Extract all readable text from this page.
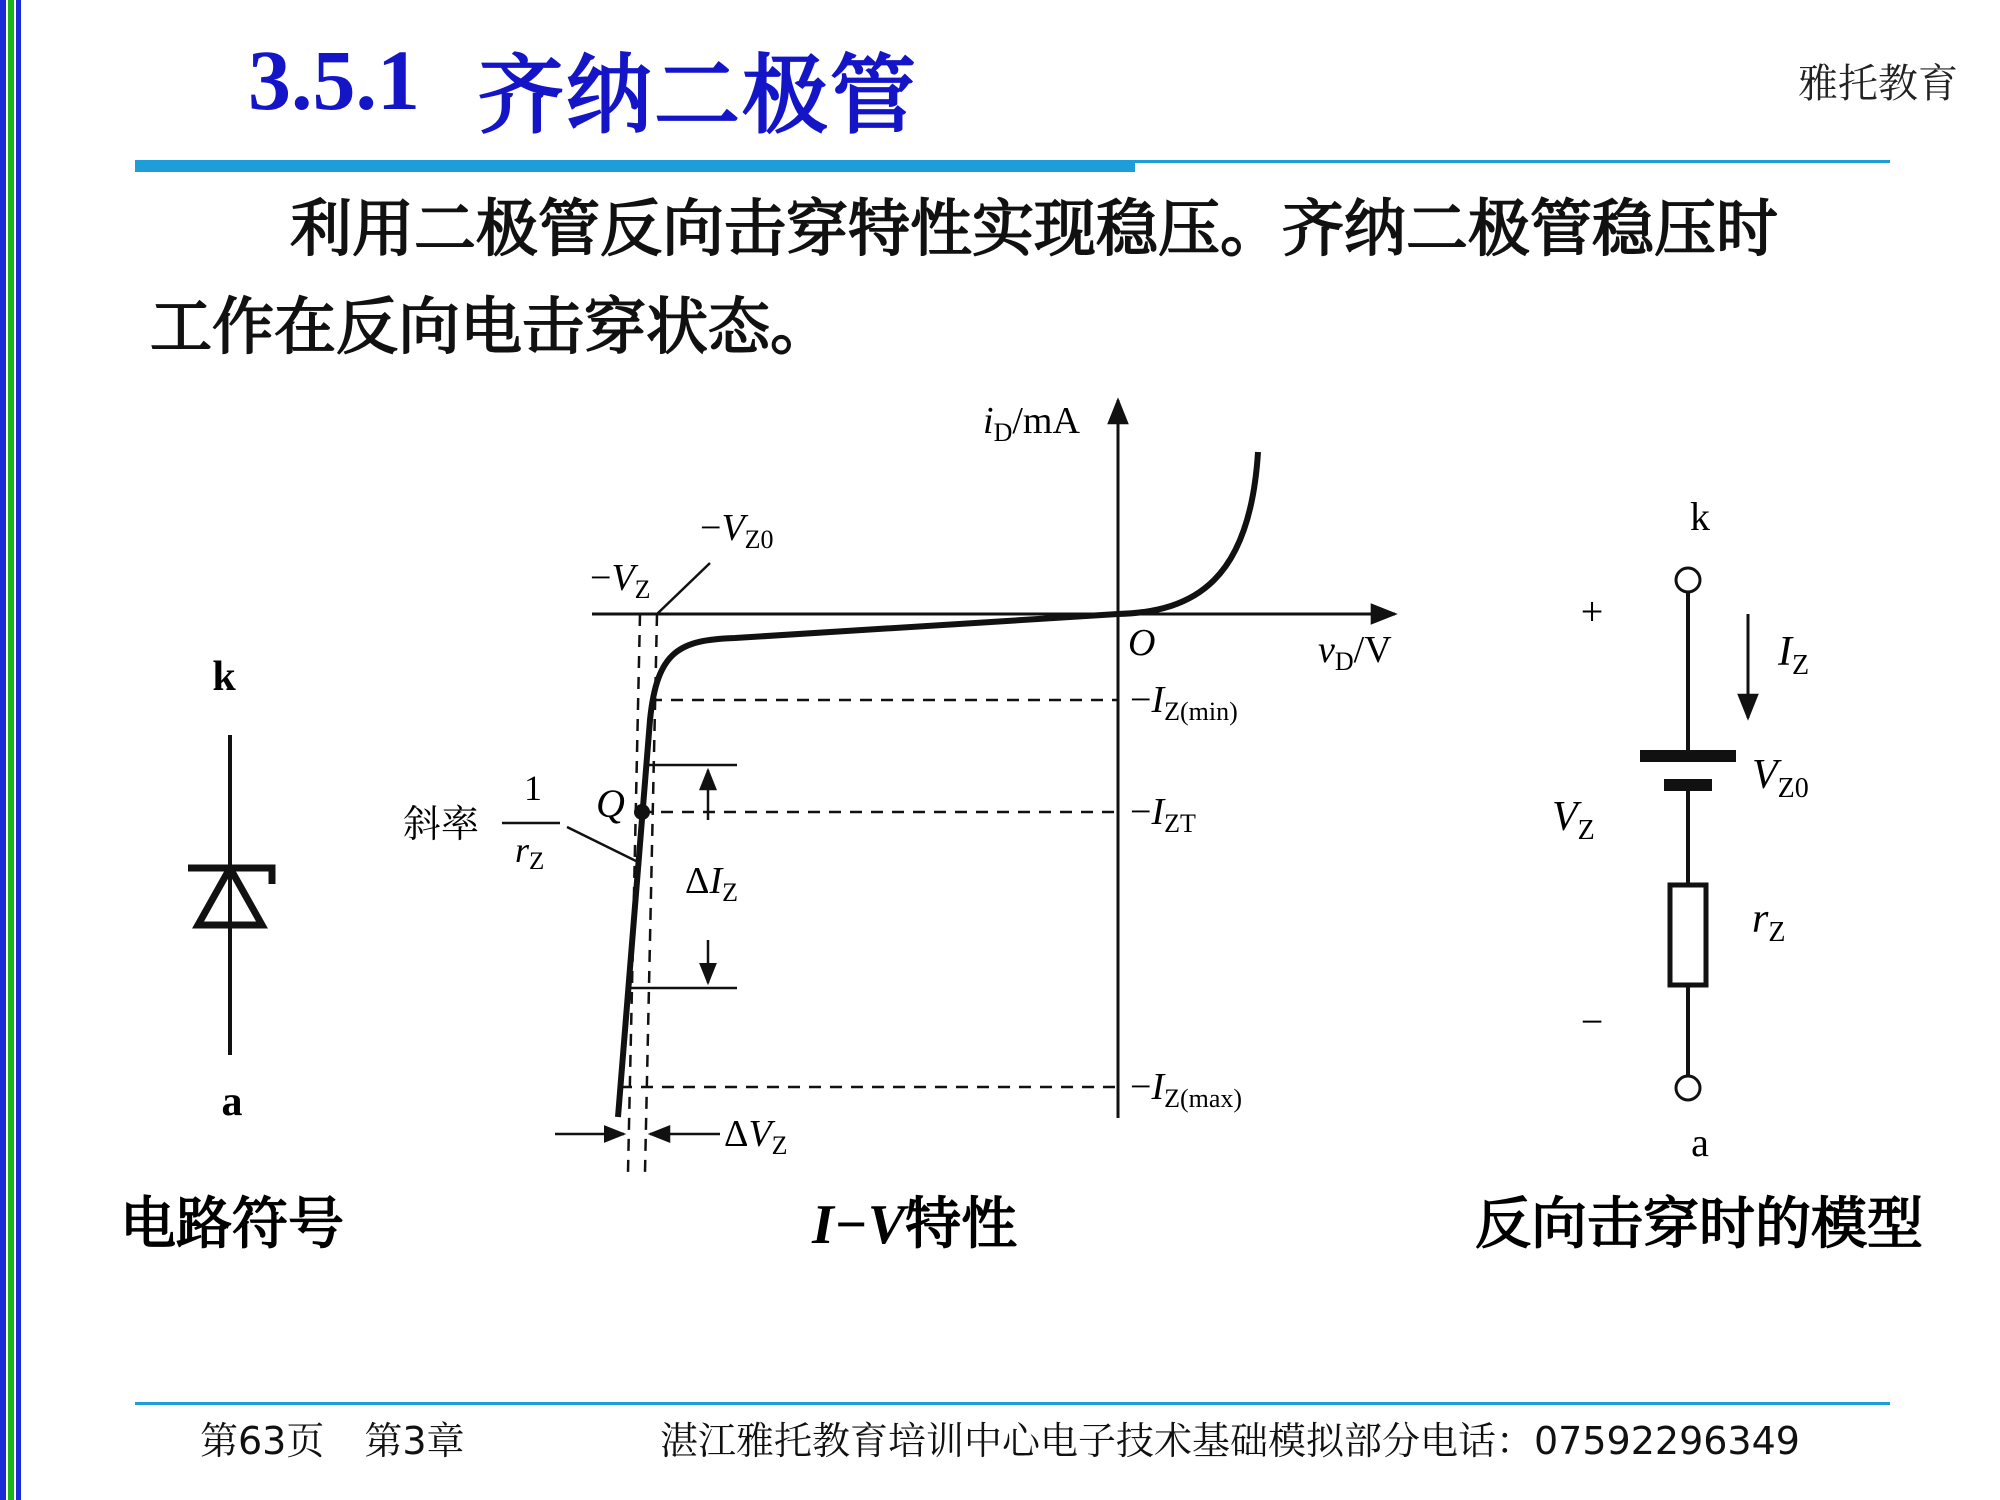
3.5.1 齐纳二极管	雅托教育
利用二极管反向击穿特性实现稳压。齐纳二极管稳压时
工作在反向电击穿状态。
k
a
电路符号
$i_D/mA$
$v_D/V$
O
$-V_{Z0}$
$-V_Z$
$-I_{Z(min)}$
$-I_{ZT}$
$-I_{Z(max)}$
Q
斜率
1
rZ	$\Delta I_Z$
$\Delta V_Z$
I−V特性
k
a
+
−
$I_Z$
$V_{Z0}$
$V_Z$
$r_Z$
反向击穿时的模型
第63页 第3章	湛江雅托教育培训中心电子技术基础模拟部分电话：07592296349
